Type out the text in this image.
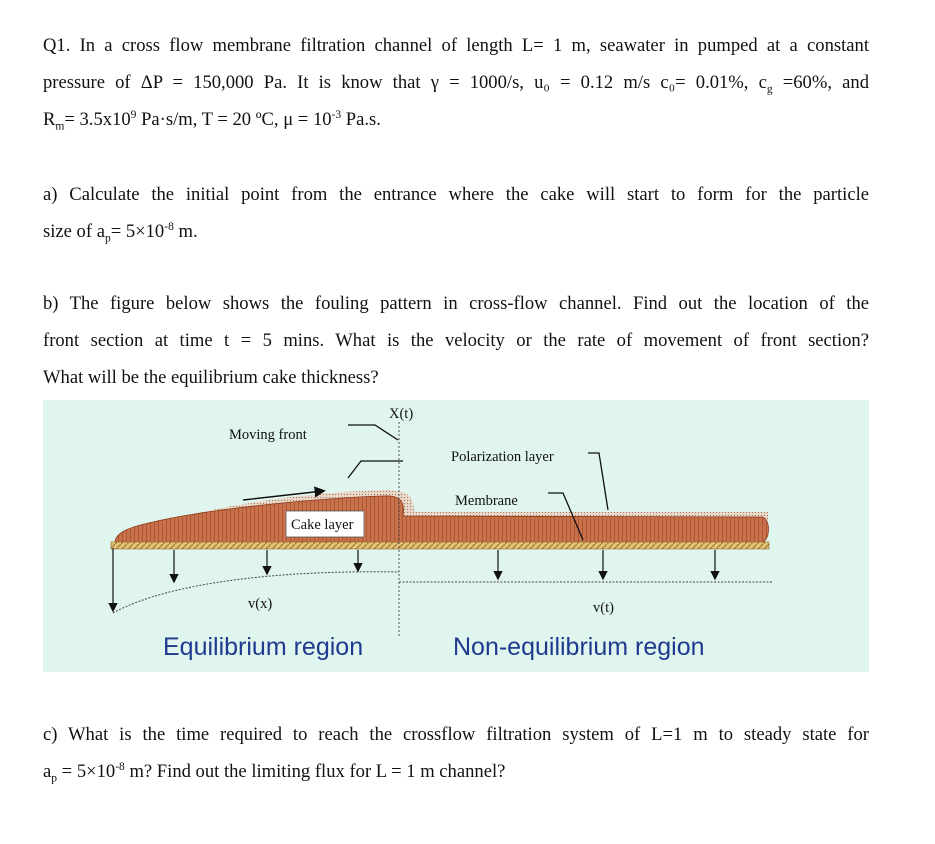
Q1. In a cross flow membrane filtration channel of length L= 1 m, seawater in pumped at a constant
pressure of ΔP = 150,000 Pa. It is know that γ = 1000/s, u₀ = 0.12 m/s c₀= 0.01%, $c_g =60\%$, and
$R_m= 3.5x10^9$ Pa·s/m, T = 20 ºC, $\mu = 10^{-3}$ Pa.s.
a) Calculate the initial point from the entrance where the cake will start to form for the particle
size of $a_p= 5\times 10^{-8}$ m.
b) The figure below shows the fouling pattern in cross-flow channel. Find out the location of the
front section at time t = 5 mins. What is the velocity or the rate of movement of front section?
What will be the equilibrium cake thickness?
X(t)
Moving front
Polarization layer
Membrane
Cake layer
v(x)	v(t)
Equilibrium region	Non-equilibrium region
c) What is the time required to reach the crossflow filtration system of L=1 m to steady state for
$a_p = 5\times 10^{-8}$ m? Find out the limiting flux for L = 1 m channel?
